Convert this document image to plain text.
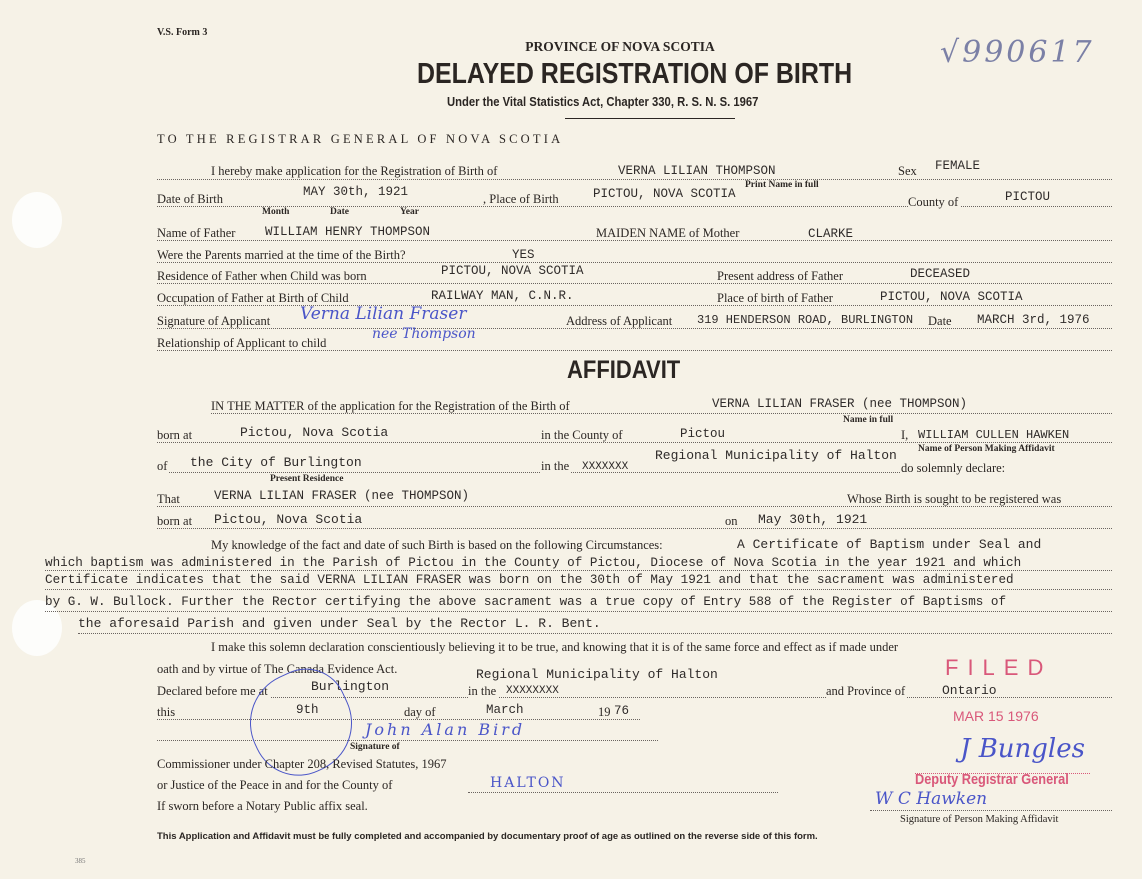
V.S. Form 3
PROVINCE OF NOVA SCOTIA
DELAYED REGISTRATION OF BIRTH
Under the Vital Statistics Act, Chapter 330, R. S. N. S. 1967
√990617
TO THE REGISTRAR GENERAL OF NOVA SCOTIA
I hereby make application for the Registration of Birth of	VERNA LILIAN THOMPSON
Print Name in full
Sex FEMALE
Date of Birth	MAY 30th, 1921
Month	Date	Year
, Place of Birth	PICTOU, NOVA SCOTIA
County of	PICTOU
Name of Father WILLIAM HENRY THOMPSON	MAIDEN NAME of Mother	CLARKE
Were the Parents married at the time of the Birth?	YES
Residence of Father when Child was born	PICTOU, NOVA SCOTIA	Present address of Father	DECEASED
Occupation of Father at Birth of Child	RAILWAY MAN, C.N.R.	Place of birth of Father	PICTOU, NOVA SCOTIA
Signature of Applicant Verna Lilian Fraser
nee Thompson
Address of Applicant 319 HENDERSON ROAD, BURLINGTON Date MARCH 3rd, 1976
Relationship of Applicant to child
AFFIDAVIT
IN THE MATTER of the application for the Registration of the Birth of	VERNA LILIAN FRASER (nee THOMPSON)
Name in full
born at	Pictou, Nova Scotia	in the County of	Pictou	I, WILLIAM CULLEN HAWKEN
Name of Person Making Affidavit
of the City of Burlington
Present Residence
in the XXXXXXX
Regional Municipality of Halton
do solemnly declare:
That	VERNA LILIAN FRASER (nee THOMPSON)	Whose Birth is sought to be registered was
born at Pictou, Nova Scotia	on May 30th, 1921
My knowledge of the fact and date of such Birth is based on the following Circumstances:	A Certificate of Baptism under Seal and
which baptism was administered in the Parish of Pictou in the County of Pictou, Diocese of Nova Scotia in the year 1921 and which
Certificate indicates that the said VERNA LILIAN FRASER was born on the 30th of May 1921 and that the sacrament was administered
by G. W. Bullock. Further the Rector certifying the above sacrament was a true copy of Entry 588 of the Register of Baptisms of
the aforesaid Parish and given under Seal by the Rector L. R. Bent.
I make this solemn declaration conscientiously believing it to be true, and knowing that it is of the same force and effect as if made under
oath and by virtue of The Canada Evidence Act.
Declared before me at	Burlington	in the XXXXXXXX
Regional Municipality of Halton
and Province of	Ontario
this	9th	day of	March	19 76
John Alan Bird
Signature of
Commissioner under Chapter 208, Revised Statutes, 1967
or Justice of the Peace in and for the County of	HALTON
If sworn before a Notary Public affix seal.
FILED
MAR 15 1976
J Bungles
Deputy Registrar General
W C Hawken
Signature of Person Making Affidavit
This Application and Affidavit must be fully completed and accompanied by documentary proof of age as outlined on the reverse side of this form.
385
